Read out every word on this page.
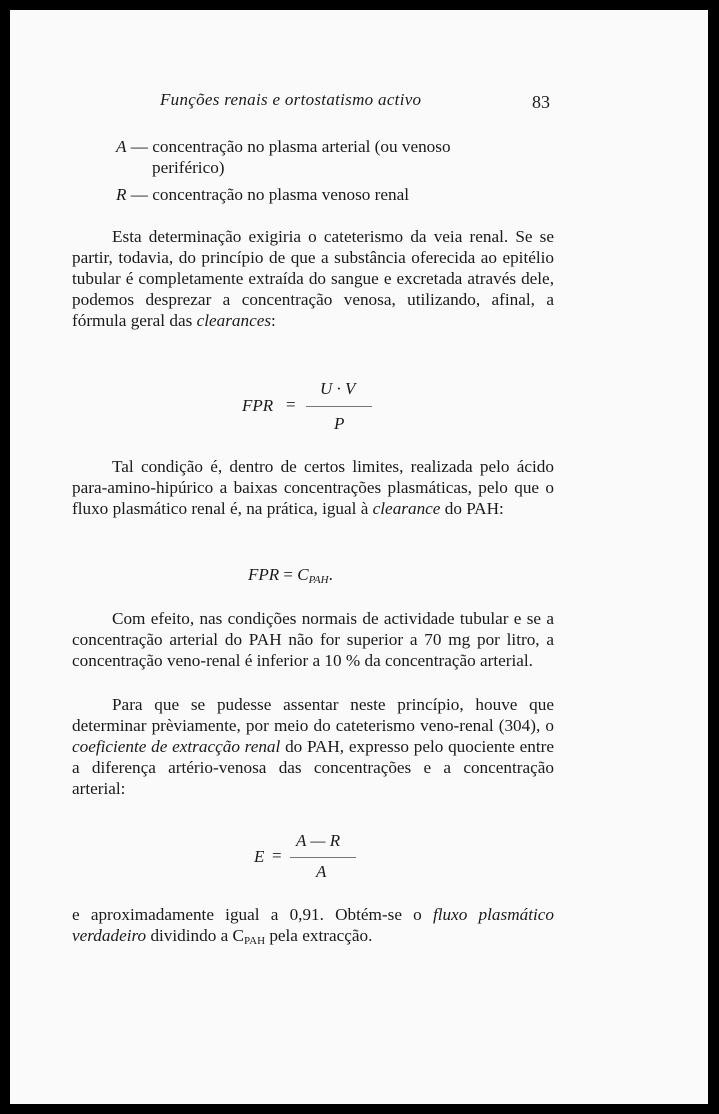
Funções renais e ortostatismo activo	83
A — concentração no plasma arterial (ou venoso
periférico)
R — concentração no plasma venoso renal

Esta determinação exigiria o cateterismo da veia renal. Se se partir, todavia, do princípio de que a substância oferecida ao epitélio tubular é completamente extraída do sangue e excretada através dele, podemos desprezar a concentração venosa, utilizando, afinal, a fórmula geral das clearances:

FPR =
U · V
P

Tal condição é, dentro de certos limites, realizada pelo ácido para-amino-hipúrico a baixas concentrações plasmáticas, pelo que o fluxo plasmático renal é, na prática, igual à clearance do PAH:

FPR = $C_{PAH}$.

Com efeito, nas condições normais de actividade tubular e se a concentração arterial do PAH não for superior a 70 mg por litro, a concentração veno-renal é inferior a 10 % da concentração arterial.

Para que se pudesse assentar neste princípio, houve que determinar prèviamente, por meio do cateterismo veno-renal (304), o coeficiente de extracção renal do PAH, expresso pelo quociente entre a diferença artério-venosa das concentrações e a concentração arterial:

E =
A — R
A

e aproximadamente igual a 0,91. Obtém-se o fluxo plasmático verdadeiro dividindo a CPAH pela extracção.
